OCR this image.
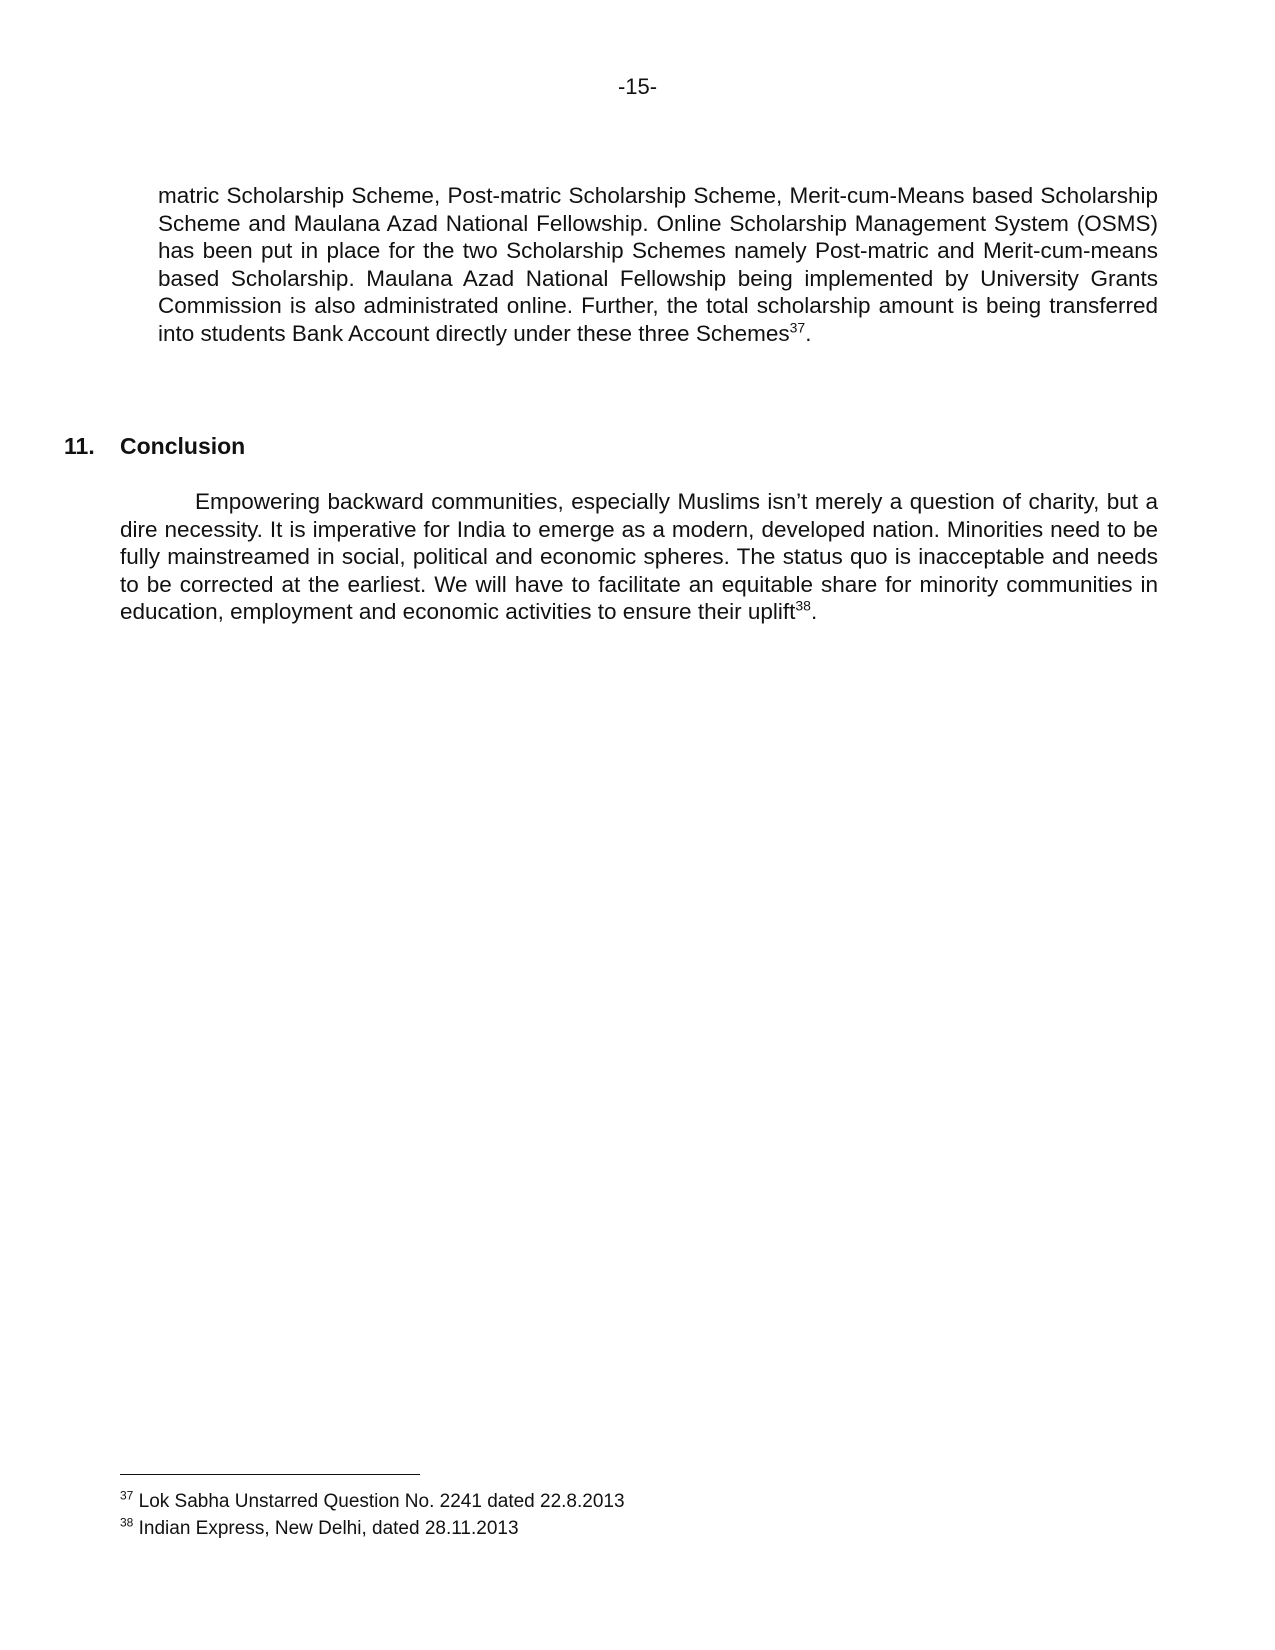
-15-

matric Scholarship Scheme, Post-matric Scholarship Scheme, Merit-cum-Means based Scholarship Scheme and Maulana Azad National Fellowship. Online Scholarship Management System (OSMS) has been put in place for the two Scholarship Schemes namely Post-matric and Merit-cum-means based Scholarship. Maulana Azad National Fellowship being implemented by University Grants Commission is also administrated online. Further, the total scholarship amount is being transferred into students Bank Account directly under these three Schemes$^{37}$.

11. Conclusion

Empowering backward communities, especially Muslims isn’t merely a question of charity, but a dire necessity. It is imperative for India to emerge as a modern, developed nation. Minorities need to be fully mainstreamed in social, political and economic spheres. The status quo is inacceptable and needs to be corrected at the earliest. We will have to facilitate an equitable share for minority communities in education, employment and economic activities to ensure their uplift$^{38}$.

$^{37}$ Lok Sabha Unstarred Question No. 2241 dated 22.8.2013
$^{38}$ Indian Express, New Delhi, dated 28.11.2013
